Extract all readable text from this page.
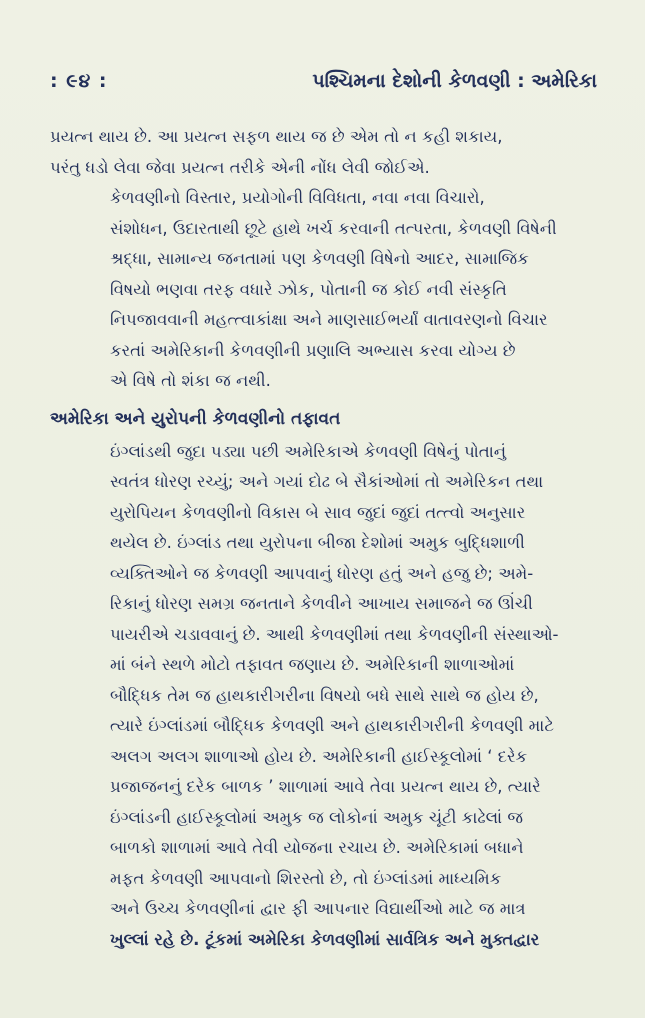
: ૯૪ :	પશ્ચિમના દેશોની કેળવણી : અમેરિકા

પ્રયત્ન થાય છે. આ પ્રયત્ન સફળ થાય જ છે એમ તો ન કહી શકાય,
પરંતુ ધડો લેવા જેવા પ્રયત્ન તરીકે એની નોંધ લેવી જોઈએ.

કેળવણીનો વિસ્તાર, પ્રયોગોની વિવિધતા, નવા નવા વિચારો,
સંશોધન, ઉદારતાથી છૂટે હાથે ખર્ચ કરવાની તત્પરતા, કેળવણી વિષેની
શ્રદ્ધા, સામાન્ય જનતામાં પણ કેળવણી વિષેનો આદર, સામાજિક
વિષયો ભણવા તરફ વધારે ઝોક, પોતાની જ કોઈ નવી સંસ્કૃતિ
નિપજાવવાની મહત્ત્વાકાંક્ષા અને માણસાઈભર્યાં વાતાવરણનો વિચાર
કરતાં અમેરિકાની કેળવણીની પ્રણાલિ અભ્યાસ કરવા યોગ્ય છે
એ વિષે તો શંકા જ નથી.

અમેરિકા અને યુરોપની કેળવણીનો તફાવત

ઇંગ્લાંડથી જુદા પડ્યા પછી અમેરિકાએ કેળવણી વિષેનું પોતાનું
સ્વતંત્ર ધોરણ રચ્યું; અને ગયાં દોઢ બે સૈકાંઓમાં તો અમેરિકન તથા
યુરોપિયન કેળવણીનો વિકાસ બે સાવ જુદાં જુદાં તત્ત્વો અનુસાર
થયેલ છે. ઇંગ્લાંડ તથા યુરોપના બીજા દેશોમાં અમુક બુદ્ધિશાળી
વ્યક્તિઓને જ કેળવણી આપવાનું ધોરણ હતું અને હજુ છે; અમે-
રિકાનું ધોરણ સમગ્ર જનતાને કેળવીને આખાય સમાજને જ ઊંચી
પાયરીએ ચડાવવાનું છે. આથી કેળવણીમાં તથા કેળવણીની સંસ્થાઓ-
માં બંને સ્થળે મોટો તફાવત જણાય છે. અમેરિકાની શાળાઓમાં
બૌદ્ધિક તેમ જ હાથકારીગરીના વિષયો બધે સાથે સાથે જ હોય છે,
ત્યારે ઇંગ્લાંડમાં બૌદ્ધિક કેળવણી અને હાથકારીગરીની કેળવણી માટે
અલગ અલગ શાળાઓ હોય છે. અમેરિકાની હાઈસ્કૂલોમાં ‘ દરેક
પ્રજાજનનું દરેક બાળક ’ શાળામાં આવે તેવા પ્રયત્ન થાય છે, ત્યારે
ઇંગ્લાંડની હાઈસ્કૂલોમાં અમુક જ લોકોનાં અમુક ચૂંટી કાઢેલાં જ
બાળકો શાળામાં આવે તેવી યોજના રચાય છે. અમેરિકામાં બધાને
મફત કેળવણી આપવાનો શિરસ્તો છે, તો ઇંગ્લાંડમાં માધ્યમિક
અને ઉચ્ચ કેળવણીનાં દ્વાર ફી આપનાર વિદ્યાર્થીઓ માટે જ માત્ર
ખુલ્લાં રહે છે. ટૂંકમાં અમેરિકા કેળવણીમાં સાર્વત્રિક અને મુક્તદ્વાર
